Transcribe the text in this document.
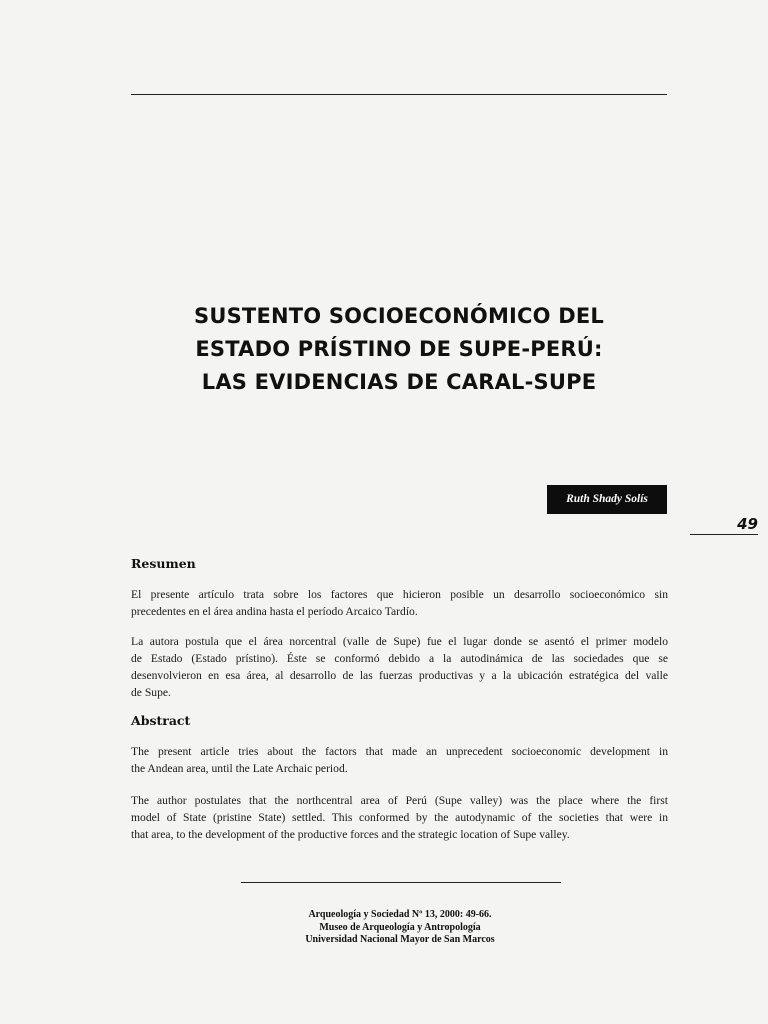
SUSTENTO SOCIOECONÓMICO DEL
ESTADO PRÍSTINO DE SUPE-PERÚ:
LAS EVIDENCIAS DE CARAL-SUPE
Ruth Shady Solís
49
Resumen
El presente artículo trata sobre los factores que hicieron posible un desarrollo socioeconómico sin
precedentes en el área andina hasta el período Arcaico Tardío.
La autora postula que el área norcentral (valle de Supe) fue el lugar donde se asentó el primer modelo
de Estado (Estado prístino). Éste se conformó debido a la autodinámica de las sociedades que se
desenvolvieron en esa área, al desarrollo de las fuerzas productivas y a la ubicación estratégica del valle
de Supe.
Abstract
The present article tries about the factors that made an unprecedent socioeconomic development in
the Andean area, until the Late Archaic period.
The author postulates that the northcentral area of Perú (Supe valley) was the place where the first
model of State (pristine State) settled. This conformed by the autodynamic of the societies that were in
that area, to the development of the productive forces and the strategic location of Supe valley.
Arqueología y Sociedad Nº 13, 2000: 49-66.
Museo de Arqueología y Antropología
Universidad Nacional Mayor de San Marcos
